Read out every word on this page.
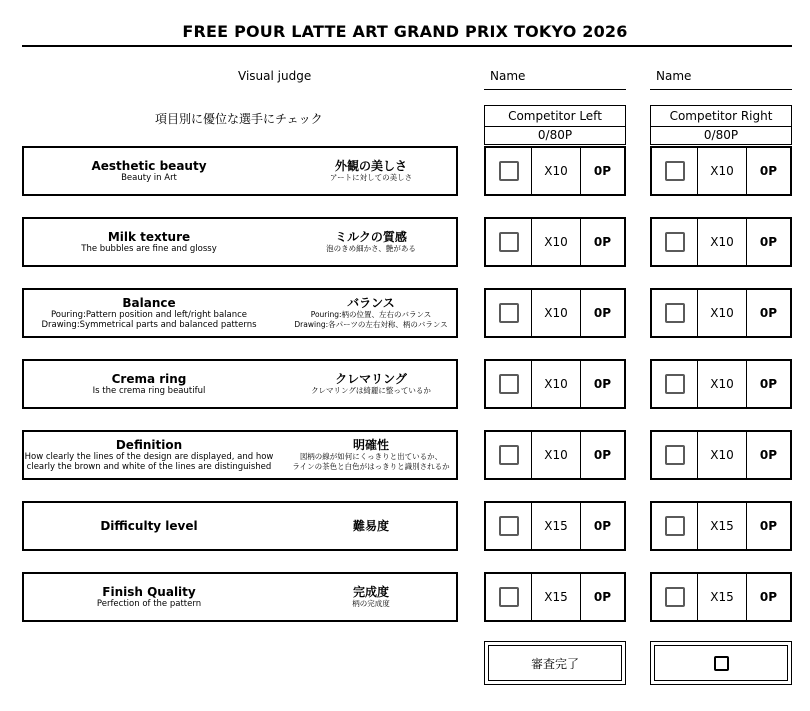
FREE POUR LATTE ART GRAND PRIX TOKYO 2026
Visual judge
項目別に優位な選手にチェック
Name	Name
Competitor Left
0/80P
Competitor Right
0/80P
Aesthetic beauty
Beauty in Art
外観の美しさ
アートに対しての美しさ	X10	0P	X10	0P
Milk texture
The bubbles are fine and glossy
ミルクの質感
泡のきめ細かさ、艶がある	X10	0P	X10	0P
Balance
Pouring:Pattern position and left/right balance
Drawing:Symmetrical parts and balanced patterns
バランス
Pouring:柄の位置、左右のバランス
Drawing:各パーツの左右対称、柄のバランス
X10	0P	X10	0P
Crema ring
Is the crema ring beautiful
クレマリング
クレマリングは綺麗に整っているか	X10	0P	X10	0P
Definition
How clearly the lines of the design are displayed, and how
clearly the brown and white of the lines are distinguished
明確性
図柄の線が如何にくっきりと出ているか、
ラインの茶色と白色がはっきりと識別されるか
X10	0P	X10	0P
Difficulty level	難易度	X15	0P	X15	0P
Finish Quality
Perfection of the pattern
完成度
柄の完成度	X15	0P	X15	0P
審査完了
